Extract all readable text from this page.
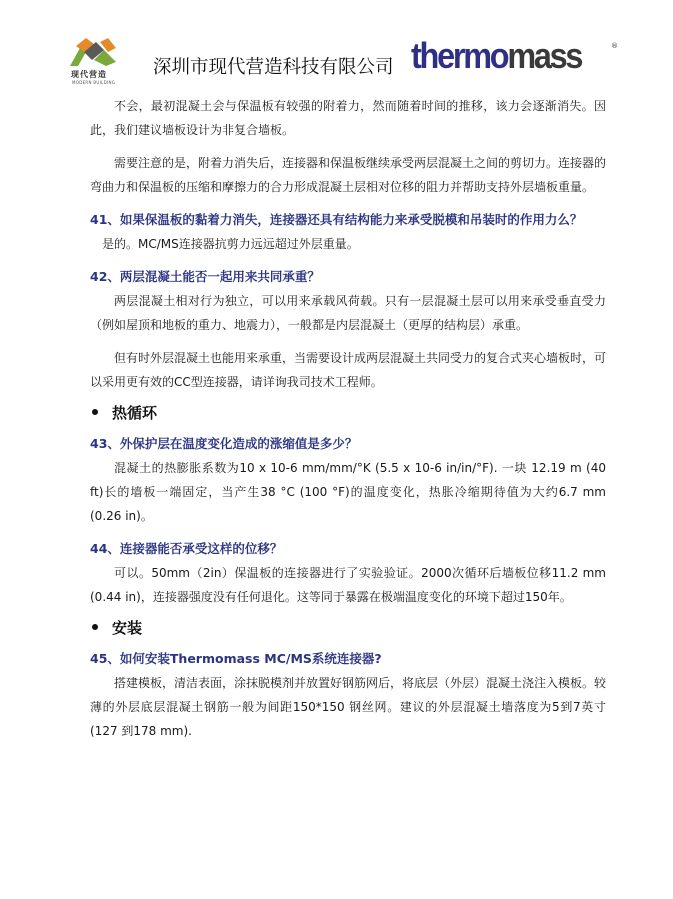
现代营造
MODERN BUILDING
深圳市现代营造科技有限公司 thermomass	®

不会，最初混凝土会与保温板有较强的附着力，然而随着时间的推移，该力会逐渐消失。因此，我们建议墙板设计为非复合墙板。

需要注意的是，附着力消失后，连接器和保温板继续承受两层混凝土之间的剪切力。连接器的弯曲力和保温板的压缩和摩擦力的合力形成混凝土层相对位移的阻力并帮助支持外层墙板重量。

41、如果保温板的黏着力消失，连接器还具有结构能力来承受脱模和吊装时的作用力么？

是的。MC/MS连接器抗剪力远远超过外层重量。

42、两层混凝土能否一起用来共同承重？

两层混凝土相对行为独立，可以用来承载风荷载。只有一层混凝土层可以用来承受垂直受力（例如屋顶和地板的重力、地震力），一般都是内层混凝土（更厚的结构层）承重。

但有时外层混凝土也能用来承重，当需要设计成两层混凝土共同受力的复合式夹心墙板时，可以采用更有效的CC型连接器，请详询我司技术工程师。

热循环
43、外保护层在温度变化造成的涨缩值是多少？

混凝土的热膨胀系数为10 x 10-6 mm/mm/°K (5.5 x 10-6 in/in/°F). 一块 12.19 m (40 ft)长的墙板一端固定，当产生38 °C (100 °F)的温度变化，热胀冷缩期待值为大约6.7 mm (0.26 in)。

44、连接器能否承受这样的位移？

可以。50mm（2in）保温板的连接器进行了实验验证。2000次循环后墙板位移11.2 mm (0.44 in)，连接器强度没有任何退化。这等同于暴露在极端温度变化的环境下超过150年。

安装
45、如何安装Thermomass MC/MS系统连接器?

搭建模板，清洁表面，涂抹脱模剂并放置好钢筋网后，将底层（外层）混凝土浇注入模板。较薄的外层底层混凝土钢筋一般为间距150*150 钢丝网。建议的外层混凝土墙落度为5到7英寸 (127 到178 mm).
